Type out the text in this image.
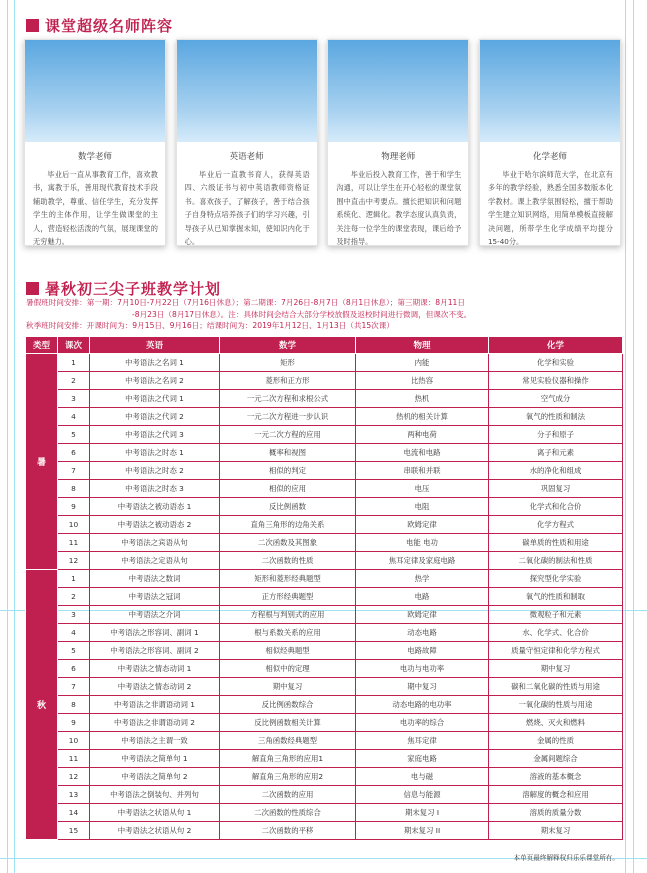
课堂超级名师阵容
数学老师
毕业后一直从事教育工作，喜欢教书，寓教于乐，善用现代教育技术手段辅助教学，尊重、信任学生，充分发挥学生的主体作用，让学生做课堂的主人，营造轻松活泼的气氛，展现课堂的无穷魅力。
英语老师
毕业后一直教书育人，获得英语四、六级证书与初中英语教师资格证书。喜欢孩子，了解孩子，善于结合孩子自身特点培养孩子们的学习兴趣，引导孩子从已知掌握未知，使知识内化于心。
物理老师
毕业后投入教育工作，善于和学生沟通，可以让学生在开心轻松的课堂氛围中直击中考要点。擅长把知识和问题系统化、逻辑化。教学态度认真负责，关注每一位学生的课堂表现，课后给予及时指导。
化学老师
毕业于哈尔滨师范大学，在北京有多年的教学经验，熟悉全国多数版本化学教材。课上教学氛围轻松，擅于帮助学生建立知识网络，用简单模板直接解决问题，所带学生化学成绩平均提分15-40分。
暑秋初三尖子班教学计划
暑假班时间安排：第一期：7月10日-7月22日（7月16日休息）；第二期课：7月26日-8月7日（8月1日休息）；第三期课：8月11日
-8月23日（8月17日休息）。注：具体时间会结合大部分学校放假及返校时间进行微调，但课次不变。
秋季班时间安排：开课时间为：9月15日、9月16日；结课时间为：2019年1月12日、1月13日（共15次课）
类型	课次	英语	数学	物理	化学
暑	1	中考语法之名词 1	矩形	内能	化学和实验
	2	中考语法之名词 2	菱形和正方形	比热容	常见实验仪器和操作
	3	中考语法之代词 1	一元二次方程和求根公式	热机	空气成分
	4	中考语法之代词 2	一元二次方程进一步认识	热机的相关计算	氧气的性质和制法
	5	中考语法之代词 3	一元二次方程的应用	两种电荷	分子和原子
	6	中考语法之时态 1	概率和视图	电流和电路	离子和元素
	7	中考语法之时态 2	相似的判定	串联和并联	水的净化和组成
	8	中考语法之时态 3	相似的应用	电压	巩固复习
	9	中考语法之被动语态 1	反比例函数	电阻	化学式和化合价
	10	中考语法之被动语态 2	直角三角形的边角关系	欧姆定律	化学方程式
	11	中考语法之宾语从句	二次函数及其图象	电能 电功	碳单质的性质和用途
	12	中考语法之定语从句	二次函数的性质	焦耳定律及家庭电路	二氧化碳的制法和性质
秋	1	中考语法之数词	矩形和菱形经典题型	热学	探究型化学实验
	2	中考语法之冠词	正方形经典题型	电路	氧气的性质和制取
	3	中考语法之介词	方程根与判别式的应用	欧姆定律	微观粒子和元素
	4	中考语法之形容词、副词 1	根与系数关系的应用	动态电路	水、化学式、化合价
	5	中考语法之形容词、副词 2	相似经典题型	电路故障	质量守恒定律和化学方程式
	6	中考语法之情态动词 1	相似中的定理	电功与电功率	期中复习
	7	中考语法之情态动词 2	期中复习	期中复习	碳和二氧化碳的性质与用途
	8	中考语法之非谓语动词 1	反比例函数综合	动态电路的电功率	一氧化碳的性质与用途
	9	中考语法之非谓语动词 2	反比例函数相关计算	电功率的综合	燃烧、灭火和燃料
	10	中考语法之主谓一致	三角函数经典题型	焦耳定律	金属的性质
	11	中考语法之简单句 1	解直角三角形的应用1	家庭电路	金属间题综合
	12	中考语法之简单句 2	解直角三角形的应用2	电与磁	溶液的基本概念
	13	中考语法之倒装句、并列句	二次函数的应用	信息与能源	溶解度的概念和应用
	14	中考语法之状语从句 1	二次函数的性质综合	期末复习 I	溶质的质量分数
	15	中考语法之状语从句 2	二次函数的平移	期末复习 II	期末复习
本单页最终解释权归乐乐课堂所有。
